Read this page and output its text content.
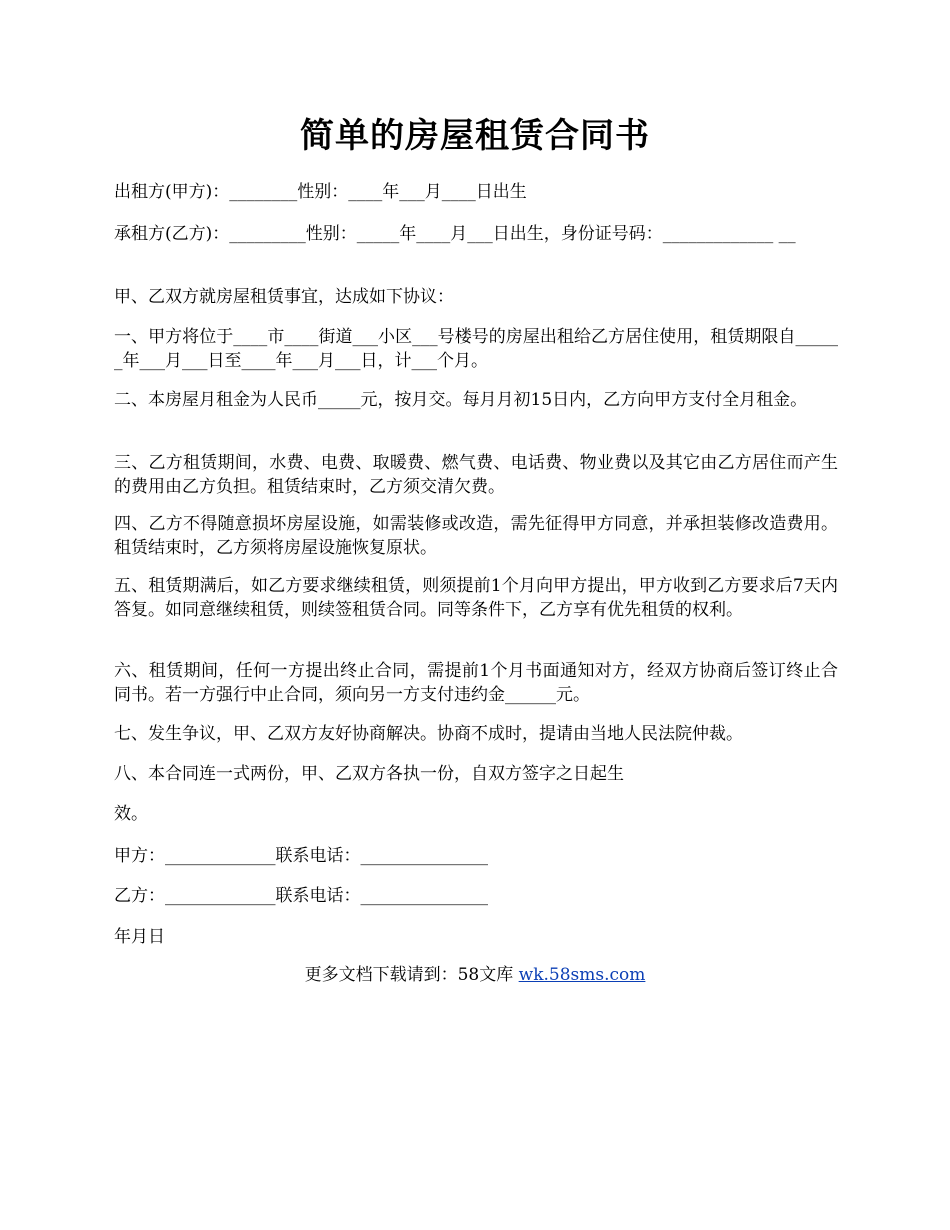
简单的房屋租赁合同书
出租方(甲方)：________性别：____年___月____日出生
承租方(乙方)：_________性别：_____年____月___日出生，身份证号码：_____________ __
甲、乙双方就房屋租赁事宜，达成如下协议：
一、甲方将位于____市____街道___小区___号楼号的房屋出租给乙方居住使用，租赁期限自______年___月___日至____年___月___日，计___个月。
二、本房屋月租金为人民币_____元，按月交。每月月初15日内，乙方向甲方支付全月租金。
三、乙方租赁期间，水费、电费、取暖费、燃气费、电话费、物业费以及其它由乙方居住而产生的费用由乙方负担。租赁结束时，乙方须交清欠费。
四、乙方不得随意损坏房屋设施，如需装修或改造，需先征得甲方同意，并承担装修改造费用。租赁结束时，乙方须将房屋设施恢复原状。
五、租赁期满后，如乙方要求继续租赁，则须提前1个月向甲方提出，甲方收到乙方要求后7天内答复。如同意继续租赁，则续签租赁合同。同等条件下，乙方享有优先租赁的权利。
六、租赁期间，任何一方提出终止合同，需提前1个月书面通知对方，经双方协商后签订终止合同书。若一方强行中止合同，须向另一方支付违约金______元。
七、发生争议，甲、乙双方友好协商解决。协商不成时，提请由当地人民法院仲裁。
八、本合同连一式两份，甲、乙双方各执一份，自双方签字之日起生
效。
甲方：_____________联系电话：_______________
乙方：_____________联系电话：_______________
年月日
更多文档下载请到：58文库 wk.58sms.com
